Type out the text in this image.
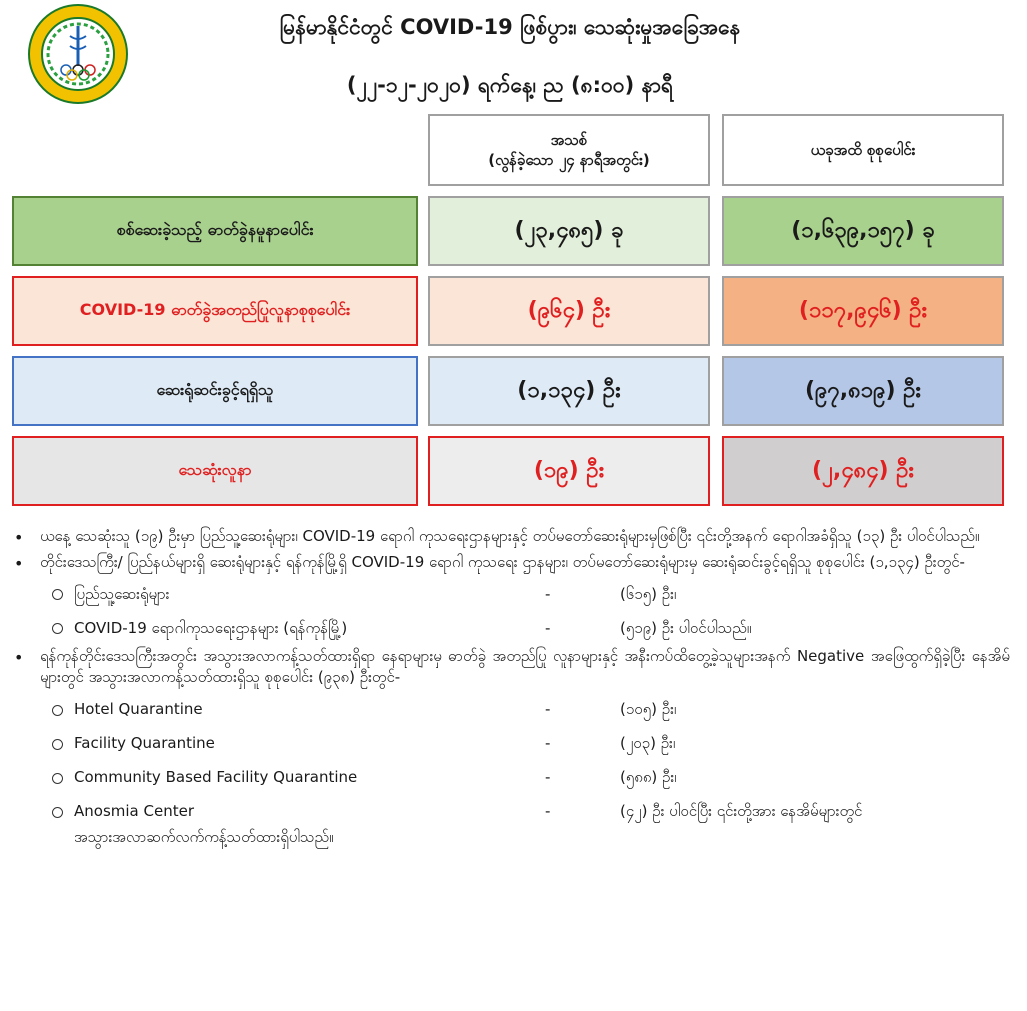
မြန်မာနိုင်ငံတွင် COVID-19 ဖြစ်ပွား၊ သေဆုံးမှုအခြေအနေ
(၂၂-၁၂-၂၀၂၀) ရက်နေ့၊ ည (၈:၀၀) နာရီ
အသစ်
(လွန်ခဲ့သော ၂၄ နာရီအတွင်း)
ယခုအထိ စုစုပေါင်း
စစ်ဆေးခဲ့သည့် ဓာတ်ခွဲနမူနာပေါင်း	(၂၃,၄၈၅) ခု	(၁,၆၃၉,၁၅၇) ခု
COVID-19 ဓာတ်ခွဲအတည်ပြုလူနာစုစုပေါင်း	(၉၆၄) ဦး	(၁၁၇,၉၄၆) ဦး
ဆေးရုံဆင်းခွင့်ရရှိသူ	(၁,၁၃၄) ဦး	(၉၇,၈၁၉) ဦး
သေဆုံးလူနာ	(၁၉) ဦး	(၂,၄၈၄) ဦး
• ယနေ့ သေဆုံးသူ (၁၉) ဦးမှာ ပြည်သူ့ဆေးရုံများ၊ COVID-19 ရောဂါ ကုသရေးဌာနများနှင့် တပ်မတော်ဆေးရုံများမှဖြစ်ပြီး ၎င်းတို့အနက် ရောဂါအခံရှိသူ (၁၃) ဦး ပါဝင်ပါသည်။
• တိုင်းဒေသကြီး/ ပြည်နယ်များရှိ ဆေးရုံများနှင့် ရန်ကုန်မြို့ရှိ COVID-19 ရောဂါ ကုသရေး ဌာနများ၊ တပ်မတော်ဆေးရုံများမှ ဆေးရုံဆင်းခွင့်ရရှိသူ စုစုပေါင်း (၁,၁၃၄) ဦးတွင်-
ပြည်သူ့ဆေးရုံများ	-	(၆၁၅) ဦး၊
COVID-19 ရောဂါကုသရေးဌာနများ (ရန်ကုန်မြို့)	-	(၅၁၉) ဦး ပါဝင်ပါသည်။
• ရန်ကုန်တိုင်းဒေသကြီးအတွင်း အသွားအလာကန့်သတ်ထားရှိရာ နေရာများမှ ဓာတ်ခွဲ အတည်ပြု လူနာများနှင့် အနီးကပ်ထိတွေ့ခဲ့သူများအနက် Negative အဖြေထွက်ရှိခဲ့ပြီး နေအိမ်များတွင် အသွားအလာကန့်သတ်ထားရှိသူ စုစုပေါင်း (၉၃၈) ဦးတွင်-
Hotel Quarantine	-	(၁၀၅) ဦး၊
Facility Quarantine	-	(၂၀၃) ဦး၊
Community Based Facility Quarantine	-	(၅၈၈) ဦး၊
Anosmia Center	-	(၄၂) ဦး ပါဝင်ပြီး ၎င်းတို့အား နေအိမ်များတွင်
အသွားအလာဆက်လက်ကန့်သတ်ထားရှိပါသည်။
